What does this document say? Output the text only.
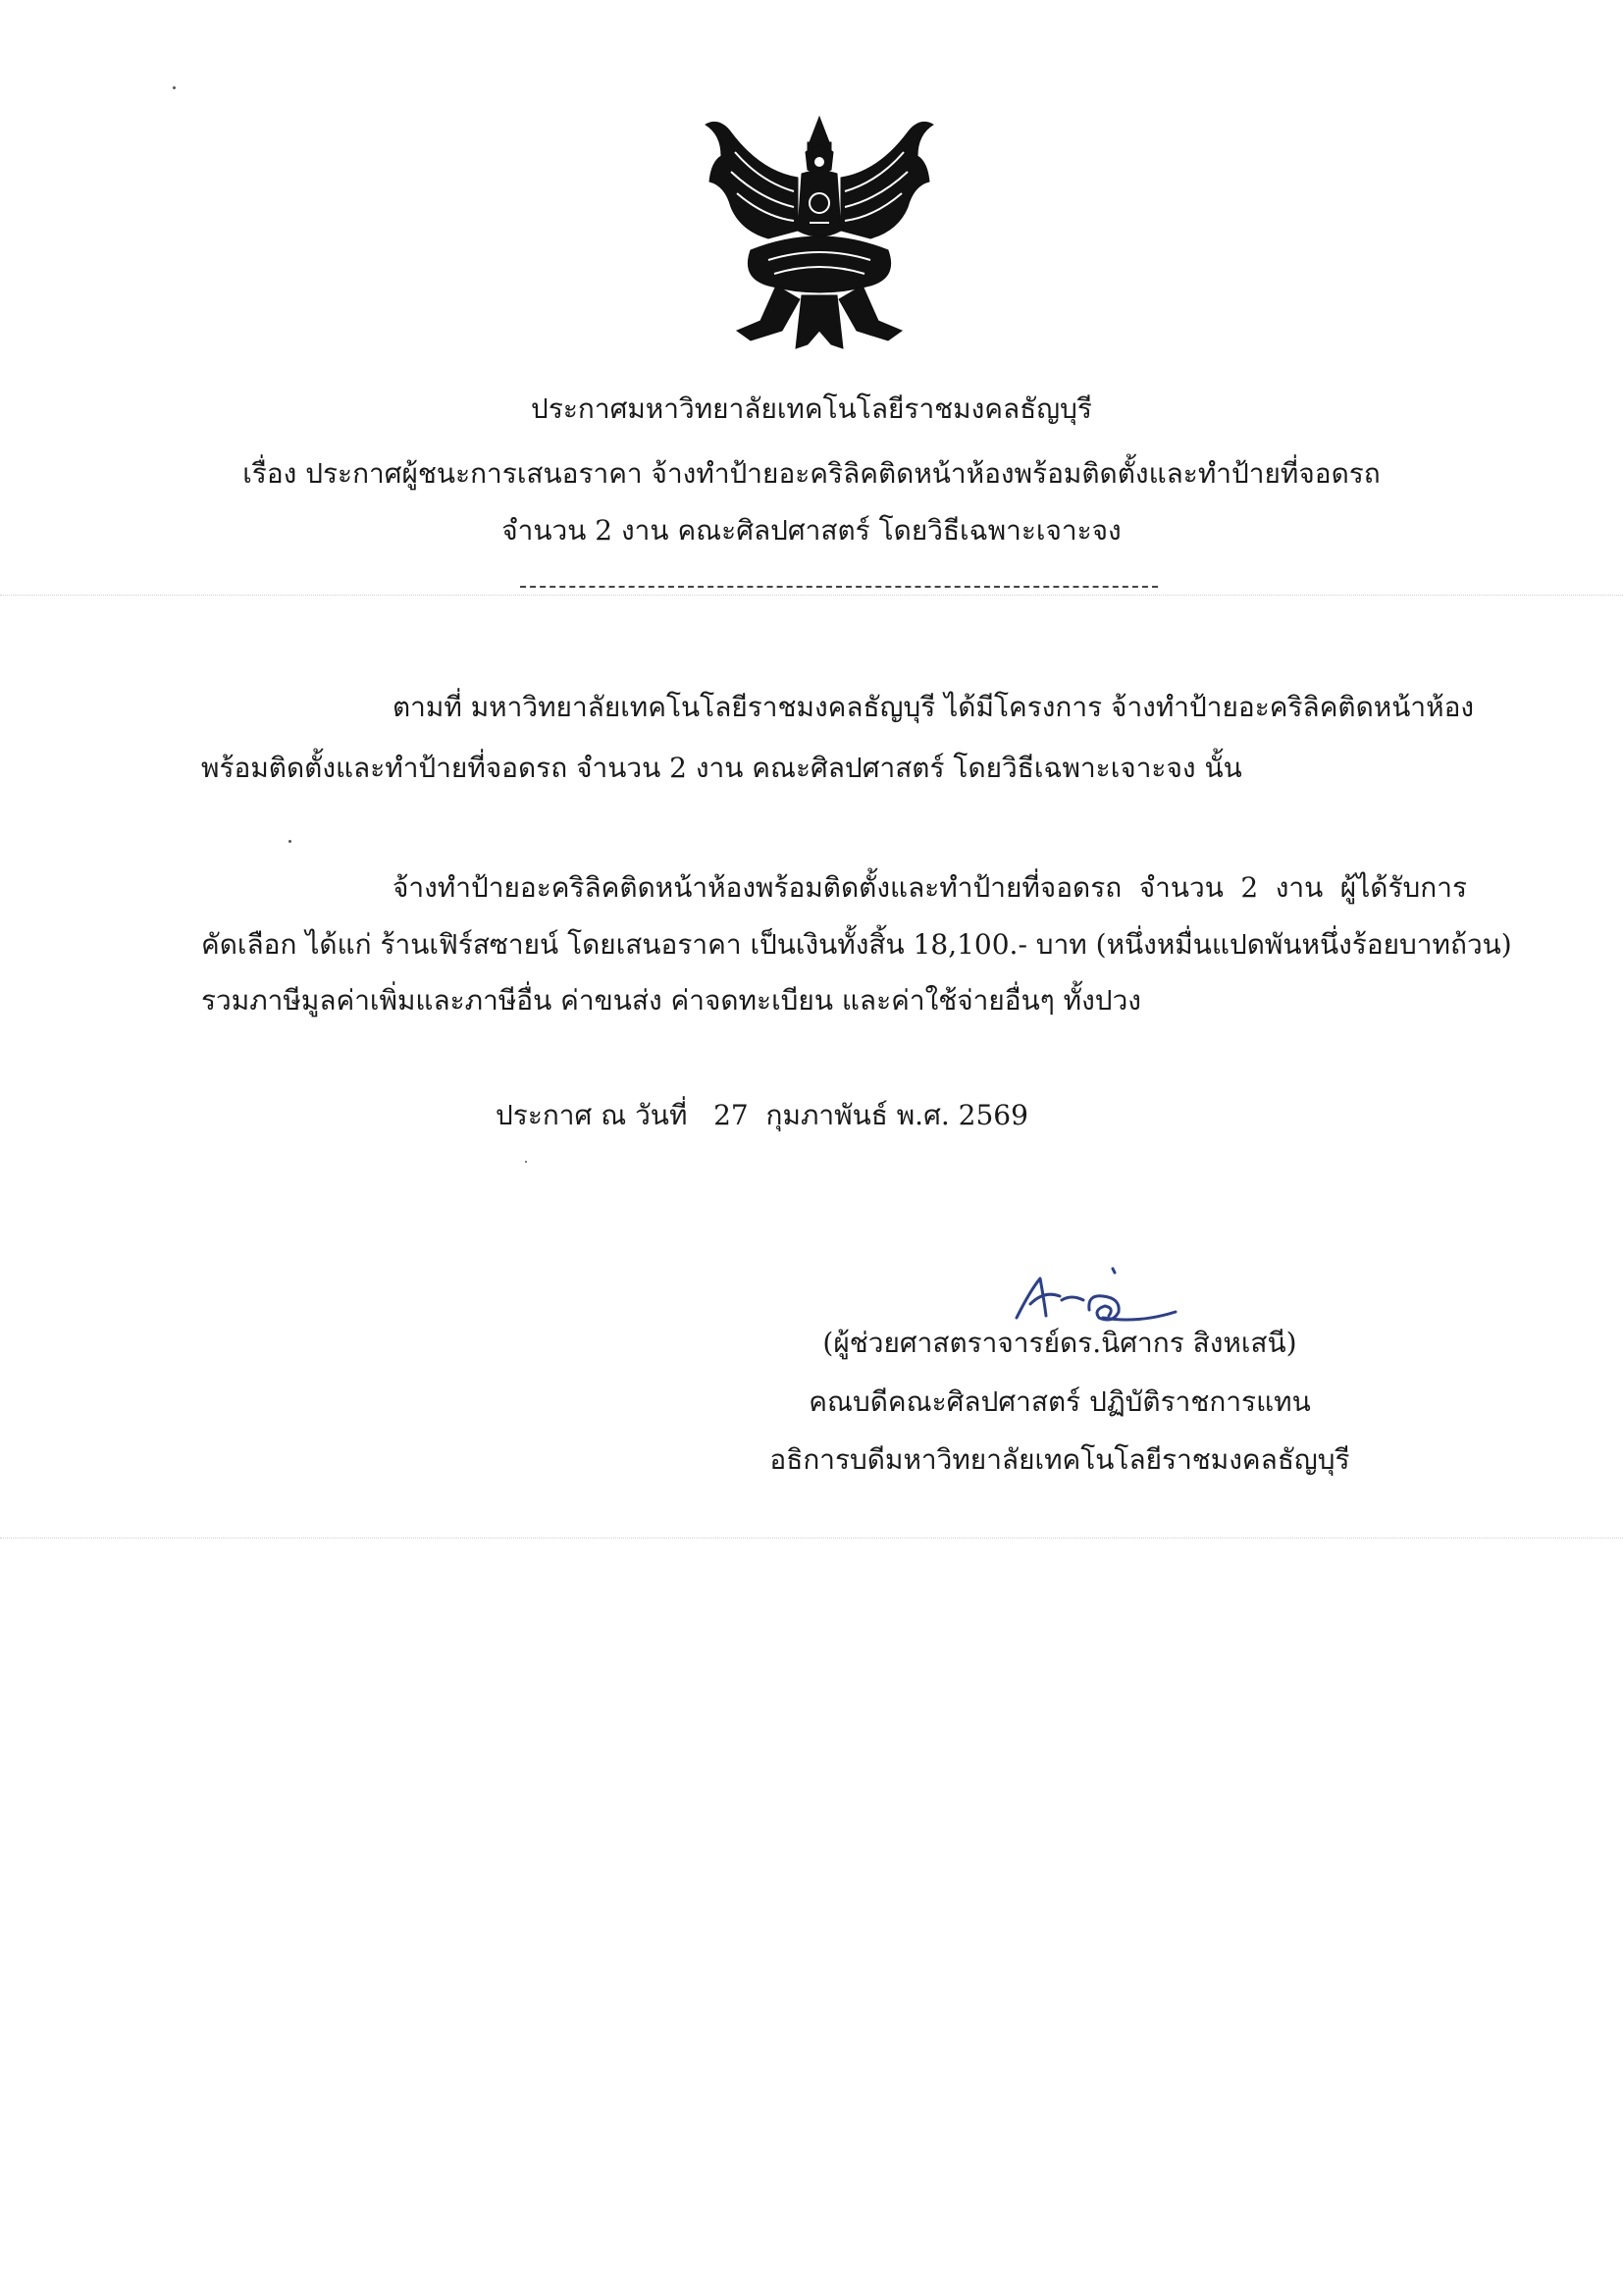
ประกาศมหาวิทยาลัยเทคโนโลยีราชมงคลธัญบุรี
เรื่อง ประกาศผู้ชนะการเสนอราคา จ้างทำป้ายอะคริลิคติดหน้าห้องพร้อมติดตั้งและทำป้ายที่จอดรถ
จำนวน 2 งาน คณะศิลปศาสตร์ โดยวิธีเฉพาะเจาะจง
ตามที่ มหาวิทยาลัยเทคโนโลยีราชมงคลธัญบุรี ได้มีโครงการ จ้างทำป้ายอะคริลิคติดหน้าห้อง
พร้อมติดตั้งและทำป้ายที่จอดรถ จำนวน 2 งาน คณะศิลปศาสตร์ โดยวิธีเฉพาะเจาะจง นั้น
จ้างทำป้ายอะคริลิคติดหน้าห้องพร้อมติดตั้งและทำป้ายที่จอดรถ จำนวน 2 งาน ผู้ได้รับการ
คัดเลือก ได้แก่ ร้านเฟิร์สซายน์ โดยเสนอราคา เป็นเงินทั้งสิ้น 18,100.- บาท (หนึ่งหมื่นแปดพันหนึ่งร้อยบาทถ้วน)
รวมภาษีมูลค่าเพิ่มและภาษีอื่น ค่าขนส่ง ค่าจดทะเบียน และค่าใช้จ่ายอื่นๆ ทั้งปวง
ประกาศ ณ วันที่   27  กุมภาพันธ์ พ.ศ. 2569
(ผู้ช่วยศาสตราจารย์ดร.นิศากร สิงหเสนี)
คณบดีคณะศิลปศาสตร์ ปฏิบัติราชการแทน
อธิการบดีมหาวิทยาลัยเทคโนโลยีราชมงคลธัญบุรี
